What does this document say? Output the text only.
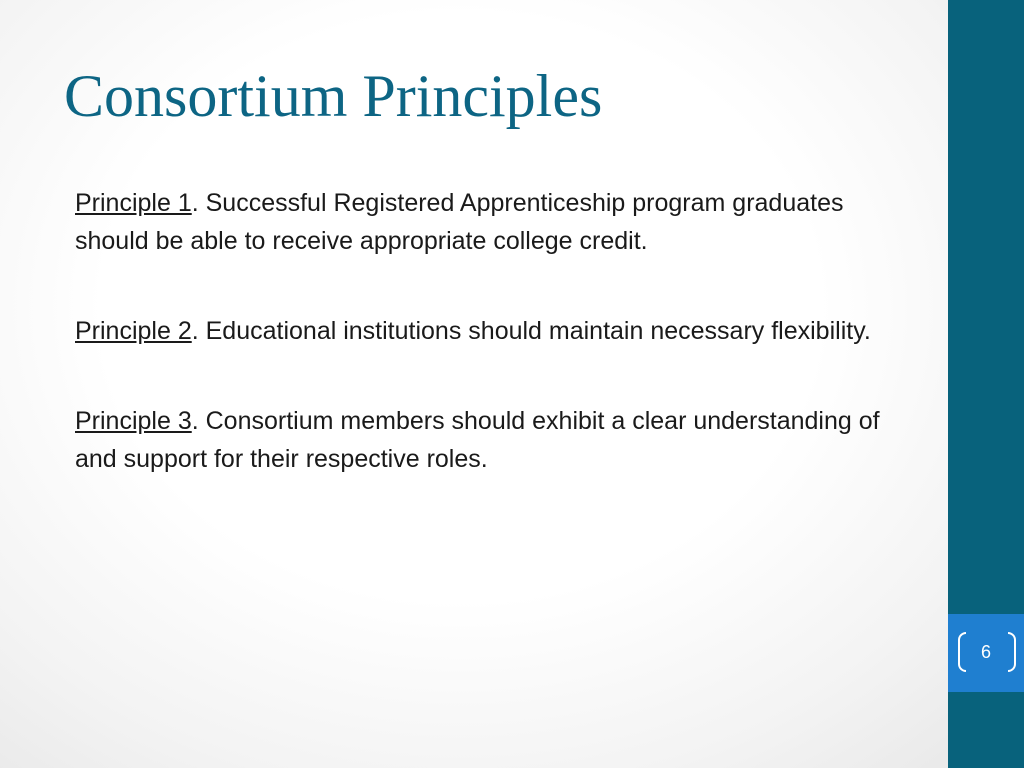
6
Consortium Principles

Principle 1. Successful Registered Apprenticeship program graduates should be able to receive appropriate college credit.

Principle 2. Educational institutions should maintain necessary flexibility.

Principle 3. Consortium members should exhibit a clear understanding of and support for their respective roles.
